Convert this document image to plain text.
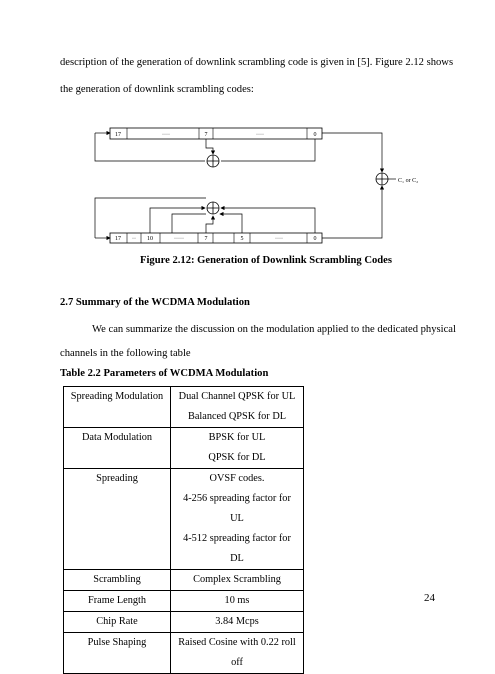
description of the generation of downlink scrambling code is given in [5]. Figure 2.12 shows
the generation of downlink scrambling codes:
17	····	7	····	0
C₁ or C₂
17 ·· 10	·····	7	5	····	0
Figure 2.12: Generation of Downlink Scrambling Codes
2.7 Summary of the WCDMA Modulation
We can summarize the discussion on the modulation applied to the dedicated physical
channels in the following table
Table 2.2 Parameters of WCDMA Modulation
Spreading Modulation	Dual Channel QPSK for UL
Balanced QPSK for DL

Data Modulation	BPSK for UL
QPSK for DL

Spreading	OVSF codes.
4-256 spreading factor for UL
4-512 spreading factor for DL

Scrambling	Complex Scrambling

Frame Length	10 ms

Chip Rate	3.84 Mcps

Pulse Shaping	Raised Cosine with 0.22 roll off
24
